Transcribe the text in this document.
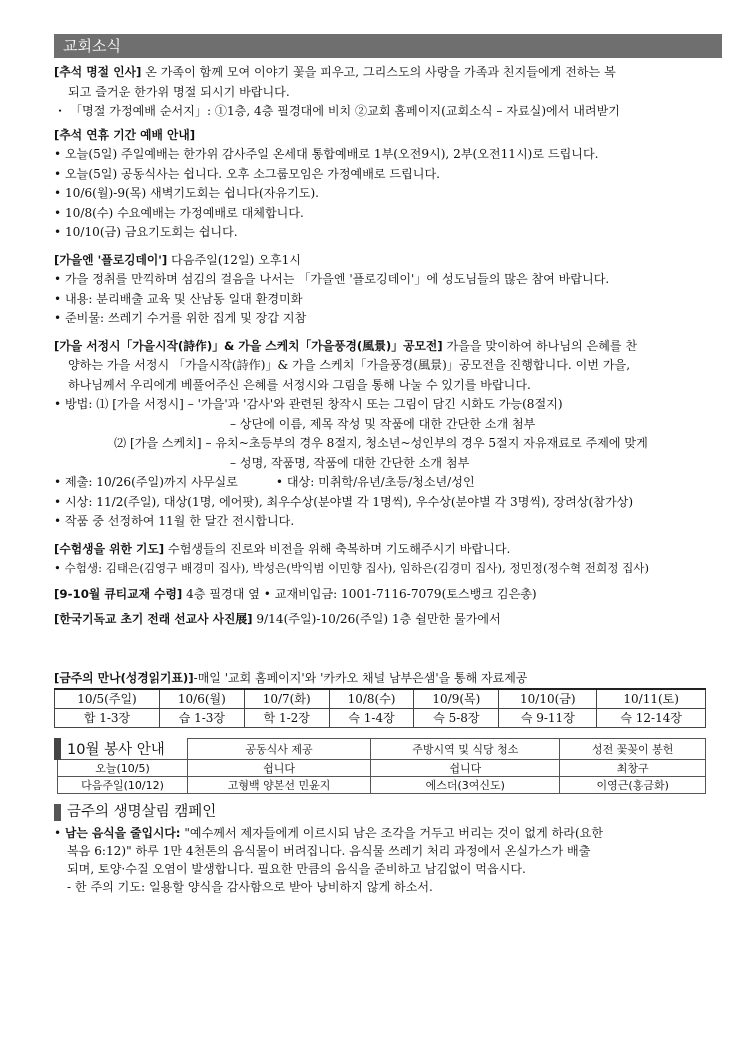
교회소식

[추석 명절 인사] 온 가족이 함께 모여 이야기 꽃을 피우고, 그리스도의 사랑을 가족과 친지들에게 전하는 복

되고 즐거운 한가위 명절 되시기 바랍니다.

・ 「명절 가정예배 순서지」: ①1층, 4층 필경대에 비치 ②교회 홈페이지(교회소식 – 자료실)에서 내려받기

[추석 연휴 기간 예배 안내]

• 오늘(5일) 주일예배는 한가위 감사주일 온세대 통합예배로 1부(오전9시), 2부(오전11시)로 드립니다.

• 오늘(5일) 공동식사는 쉽니다. 오후 소그룹모임은 가정예배로 드립니다.

• 10/6(월)-9(목) 새벽기도회는 쉽니다(자유기도).

• 10/8(수) 수요예배는 가정예배로 대체합니다.

• 10/10(금) 금요기도회는 쉽니다.

[가을엔 '플로깅데이'] 다음주일(12일) 오후1시

• 가을 정취를 만끽하며 섬김의 걸음을 나서는 「가을엔 '플로깅데이'」에 성도님들의 많은 참여 바랍니다.

• 내용: 분리배출 교육 및 산남동 일대 환경미화

• 준비물: 쓰레기 수거를 위한 집게 및 장갑 지참

[가을 서정시「가을시작(詩作)」& 가을 스케치「가을풍경(風景)」공모전] 가을을 맞이하여 하나님의 은혜를 찬

양하는 가을 서정시 「가을시작(詩作)」& 가을 스케치「가을풍경(風景)」공모전을 진행합니다. 이번 가을,

하나님께서 우리에게 베풀어주신 은혜를 서정시와 그림을 통해 나눌 수 있기를 바랍니다.

• 방법: ⑴ [가을 서정시] – '가을'과 '감사'와 관련된 창작시 또는 그림이 담긴 시화도 가능(8절지)

– 상단에 이름, 제목 작성 및 작품에 대한 간단한 소개 첨부

⑵ [가을 스케치] – 유치~초등부의 경우 8절지, 청소년~성인부의 경우 5절지 자유재료로 주제에 맞게

– 성명, 작품명, 작품에 대한 간단한 소개 첨부

• 제출: 10/26(주일)까지 사무실로	• 대상: 미취학/유년/초등/청소년/성인

• 시상: 11/2(주일), 대상(1명, 에어팟), 최우수상(분야별 각 1명씩), 우수상(분야별 각 3명씩), 장려상(참가상)

• 작품 중 선정하여 11월 한 달간 전시합니다.

[수험생을 위한 기도] 수험생들의 진로와 비전을 위해 축복하며 기도해주시기 바랍니다.

• 수험생: 김태은(김영구 배경미 집사), 박성은(박익범 이민향 집사), 임하은(김경미 집사), 정민정(정수혁 전희정 집사)

[9-10월 큐티교재 수령] 4층 필경대 옆 • 교재비입금: 1001-7116-7079(토스뱅크 김은총)

[한국기독교 초기 전래 선교사 사진展] 9/14(주일)-10/26(주일) 1층 쉴만한 물가에서

[금주의 만나(성경읽기표)]-매일 '교회 홈페이지'와 '카카오 채널 남부은샘'을 통해 자료제공

10/5(주일)	10/6(월)	10/7(화)	10/8(수)	10/9(목)	10/10(금)	10/11(토)
합 1-3장	습 1-3장	학 1-2장	슥 1-4장	슥 5-8장	슥 9-11장	슥 12-14장
10월 봉사 안내	공동식사 제공	주방시역 및 식당 청소	성전 꽃꽂이 봉헌
오늘(10/5)	쉽니다	쉽니다	최창구
다음주일(10/12)	고형백 양본선 민윤지	에스더(3여신도)	이영근(홍금화)
금주의 생명살림 캠페인

• 남는 음식을 줄입시다: "예수께서 제자들에게 이르시되 남은 조각을 거두고 버리는 것이 없게 하라(요한

복음 6:12)" 하루 1만 4천톤의 음식물이 버려집니다. 음식물 쓰레기 처리 과정에서 온실가스가 배출

되며, 토양·수질 오염이 발생합니다. 필요한 만큼의 음식을 준비하고 남김없이 먹읍시다.

- 한 주의 기도: 일용할 양식을 감사함으로 받아 낭비하지 않게 하소서.
